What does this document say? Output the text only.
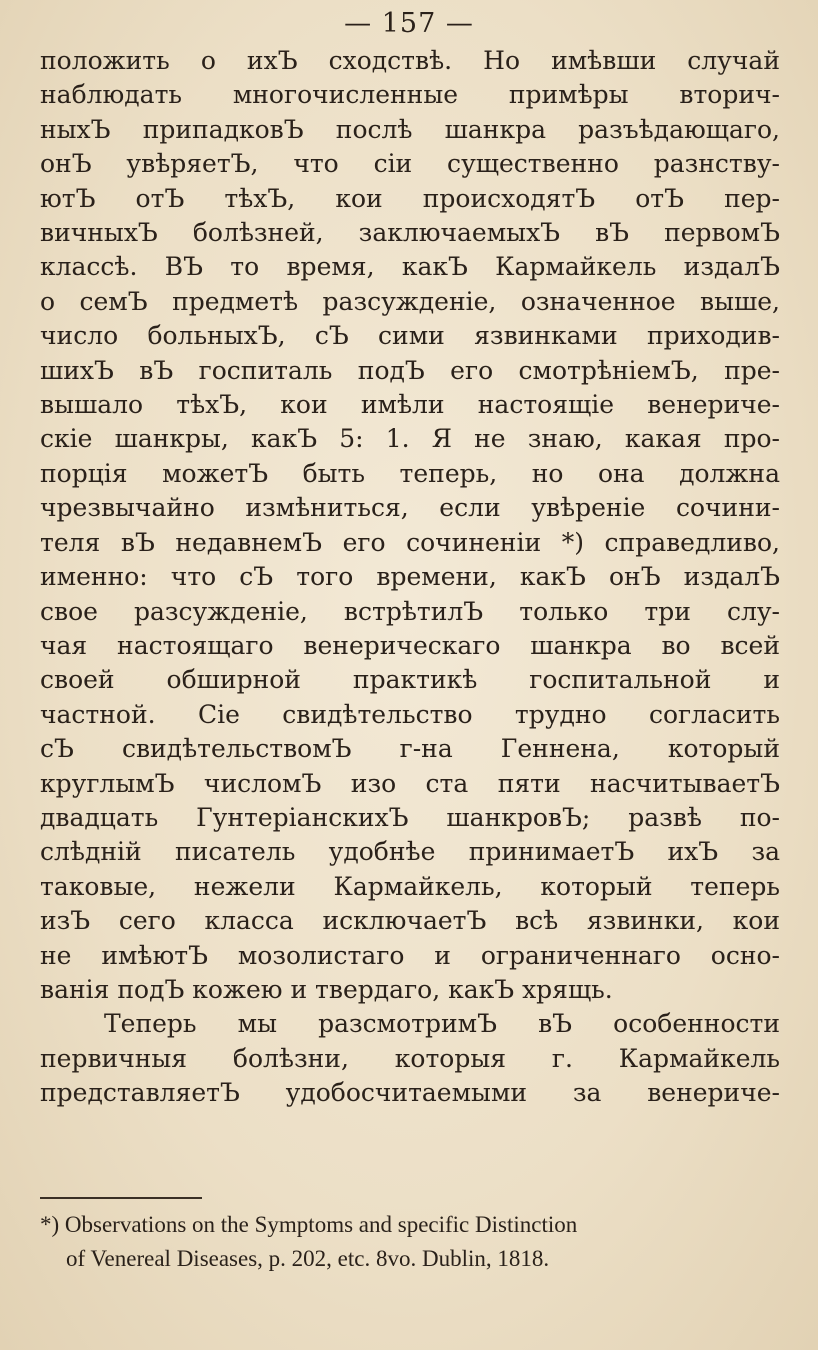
— 157 —
положить о ихЪ сходствѣ. Но имѣвши случай
наблюдать многочисленные примѣры вторич-
ныхЪ припадковЪ послѣ шанкра разъѣдающаго,
онЪ увѣряетЪ, что сіи существенно разнству-
ютЪ отЪ тѣхЪ, кои происходятЪ отЪ пер-
вичныхЪ болѣзней, заключаемыхЪ вЪ первомЪ
классѣ. ВЪ то время, какЪ Кармайкель издалЪ
о семЪ предметѣ разсужденіе, означенное выше,
число больныхЪ, сЪ сими язвинками приходив-
шихЪ вЪ госпиталь подЪ его смотрѣніемЪ, пре-
вышало тѣхЪ, кои имѣли настоящіе венериче-
скіе шанкры, какЪ 5: 1. Я не знаю, какая про-
порція можетЪ быть теперь, но она должна
чрезвычайно измѣниться, если увѣреніе сочини-
теля вЪ недавнемЪ его сочиненіи *) справедливо,
именно: что сЪ того времени, какЪ онЪ издалЪ
свое разсужденіе, встрѣтилЪ только три слу-
чая настоящаго венерическаго шанкра во всей
своей обширной практикѣ госпитальной и
частной. Сіе свидѣтельство трудно согласить
сЪ свидѣтельствомЪ г-на Геннена, который
круглымЪ числомЪ изо ста пяти насчитываетЪ
двадцать ГунтеріанскихЪ шанкровЪ; развѣ по-
слѣдній писатель удобнѣе принимаетЪ ихЪ за
таковые, нежели Кармайкель, который теперь
изЪ сего класса исключаетЪ всѣ язвинки, кои
не имѣютЪ мозолистаго и ограниченнаго осно-
ванія подЪ кожею и твердаго, какЪ хрящь.
Теперь мы разсмотримЪ вЪ особенности
первичныя болѣзни, которыя г. Кармайкель
представляетЪ удобосчитаемыми за венериче-
*) Observations on the Symptoms and specific Distinction
of Venereal Diseases, p. 202, etc. 8vo. Dublin, 1818.
